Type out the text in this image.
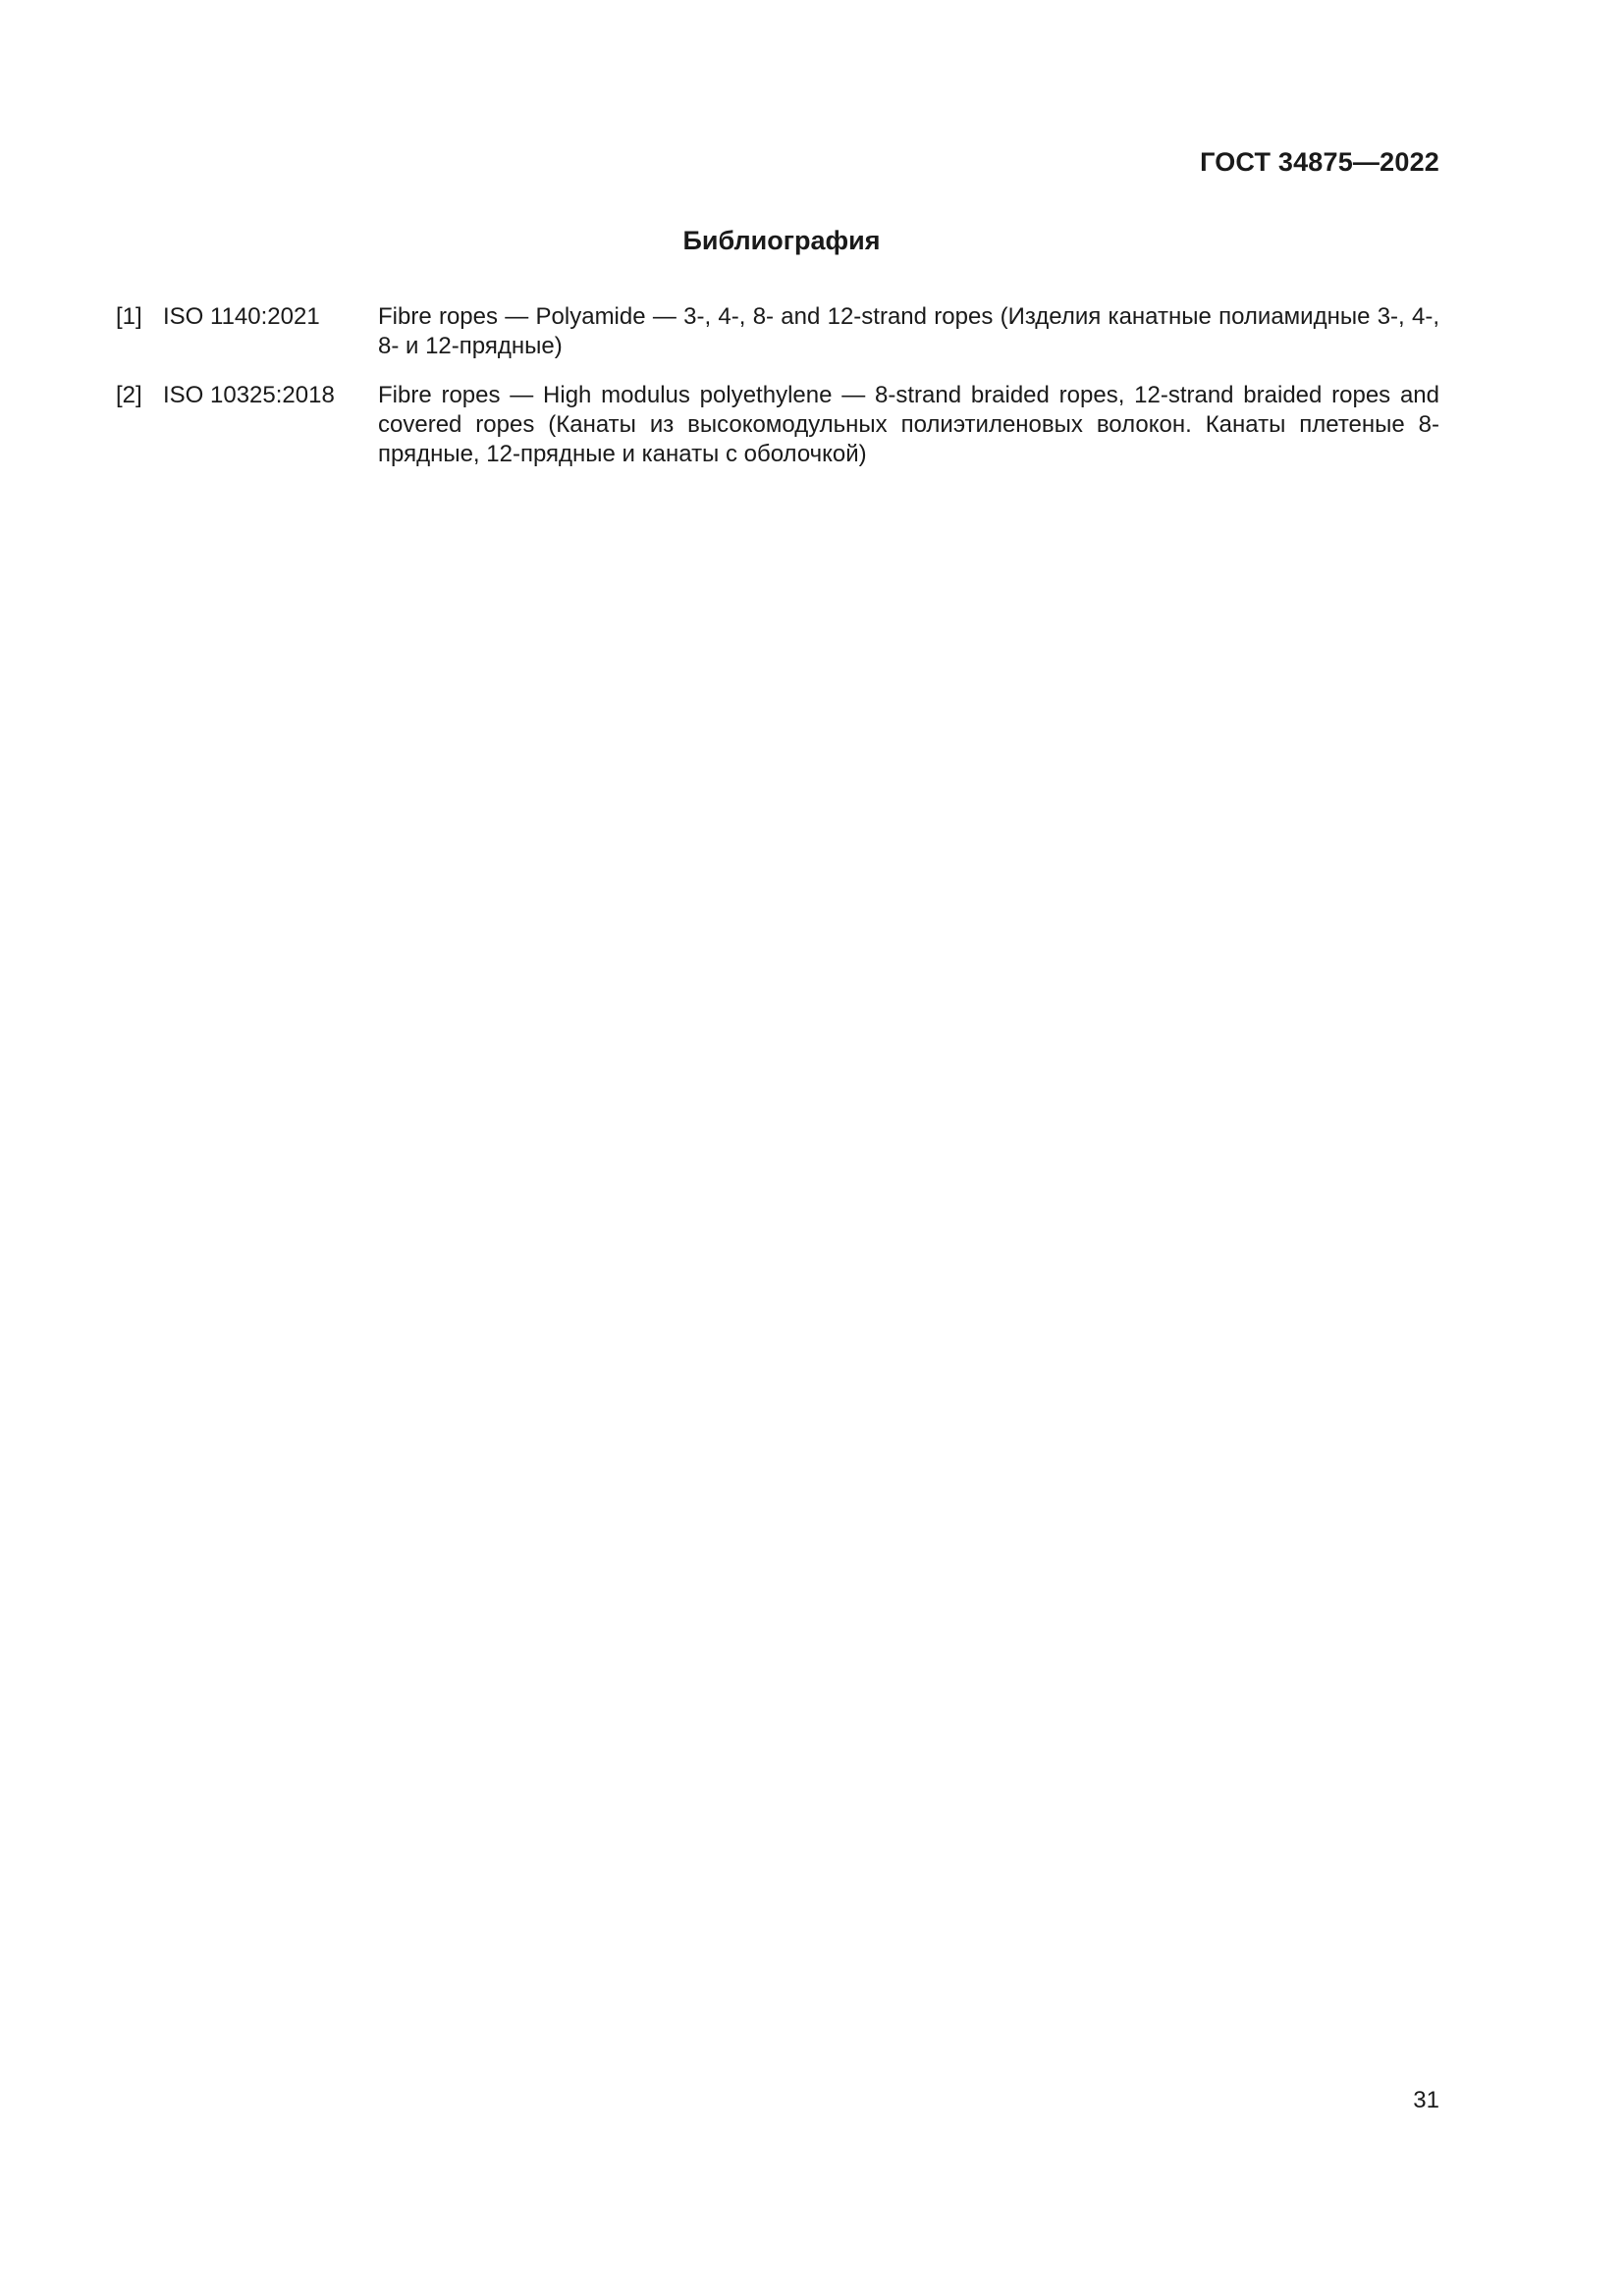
ГОСТ 34875—2022
Библиография
[1] ISO 1140:2021	Fibre ropes — Polyamide — 3-, 4-, 8- and 12-strand ropes (Изделия канатные полиамидные 3-, 4-, 8- и 12-прядные)
[2] ISO 10325:2018	Fibre ropes — High modulus polyethylene — 8-strand braided ropes, 12-strand braided ropes and covered ropes (Канаты из высокомодульных полиэтиленовых волокон. Канаты плетеные 8-прядные, 12-прядные и канаты с оболочкой)
31
